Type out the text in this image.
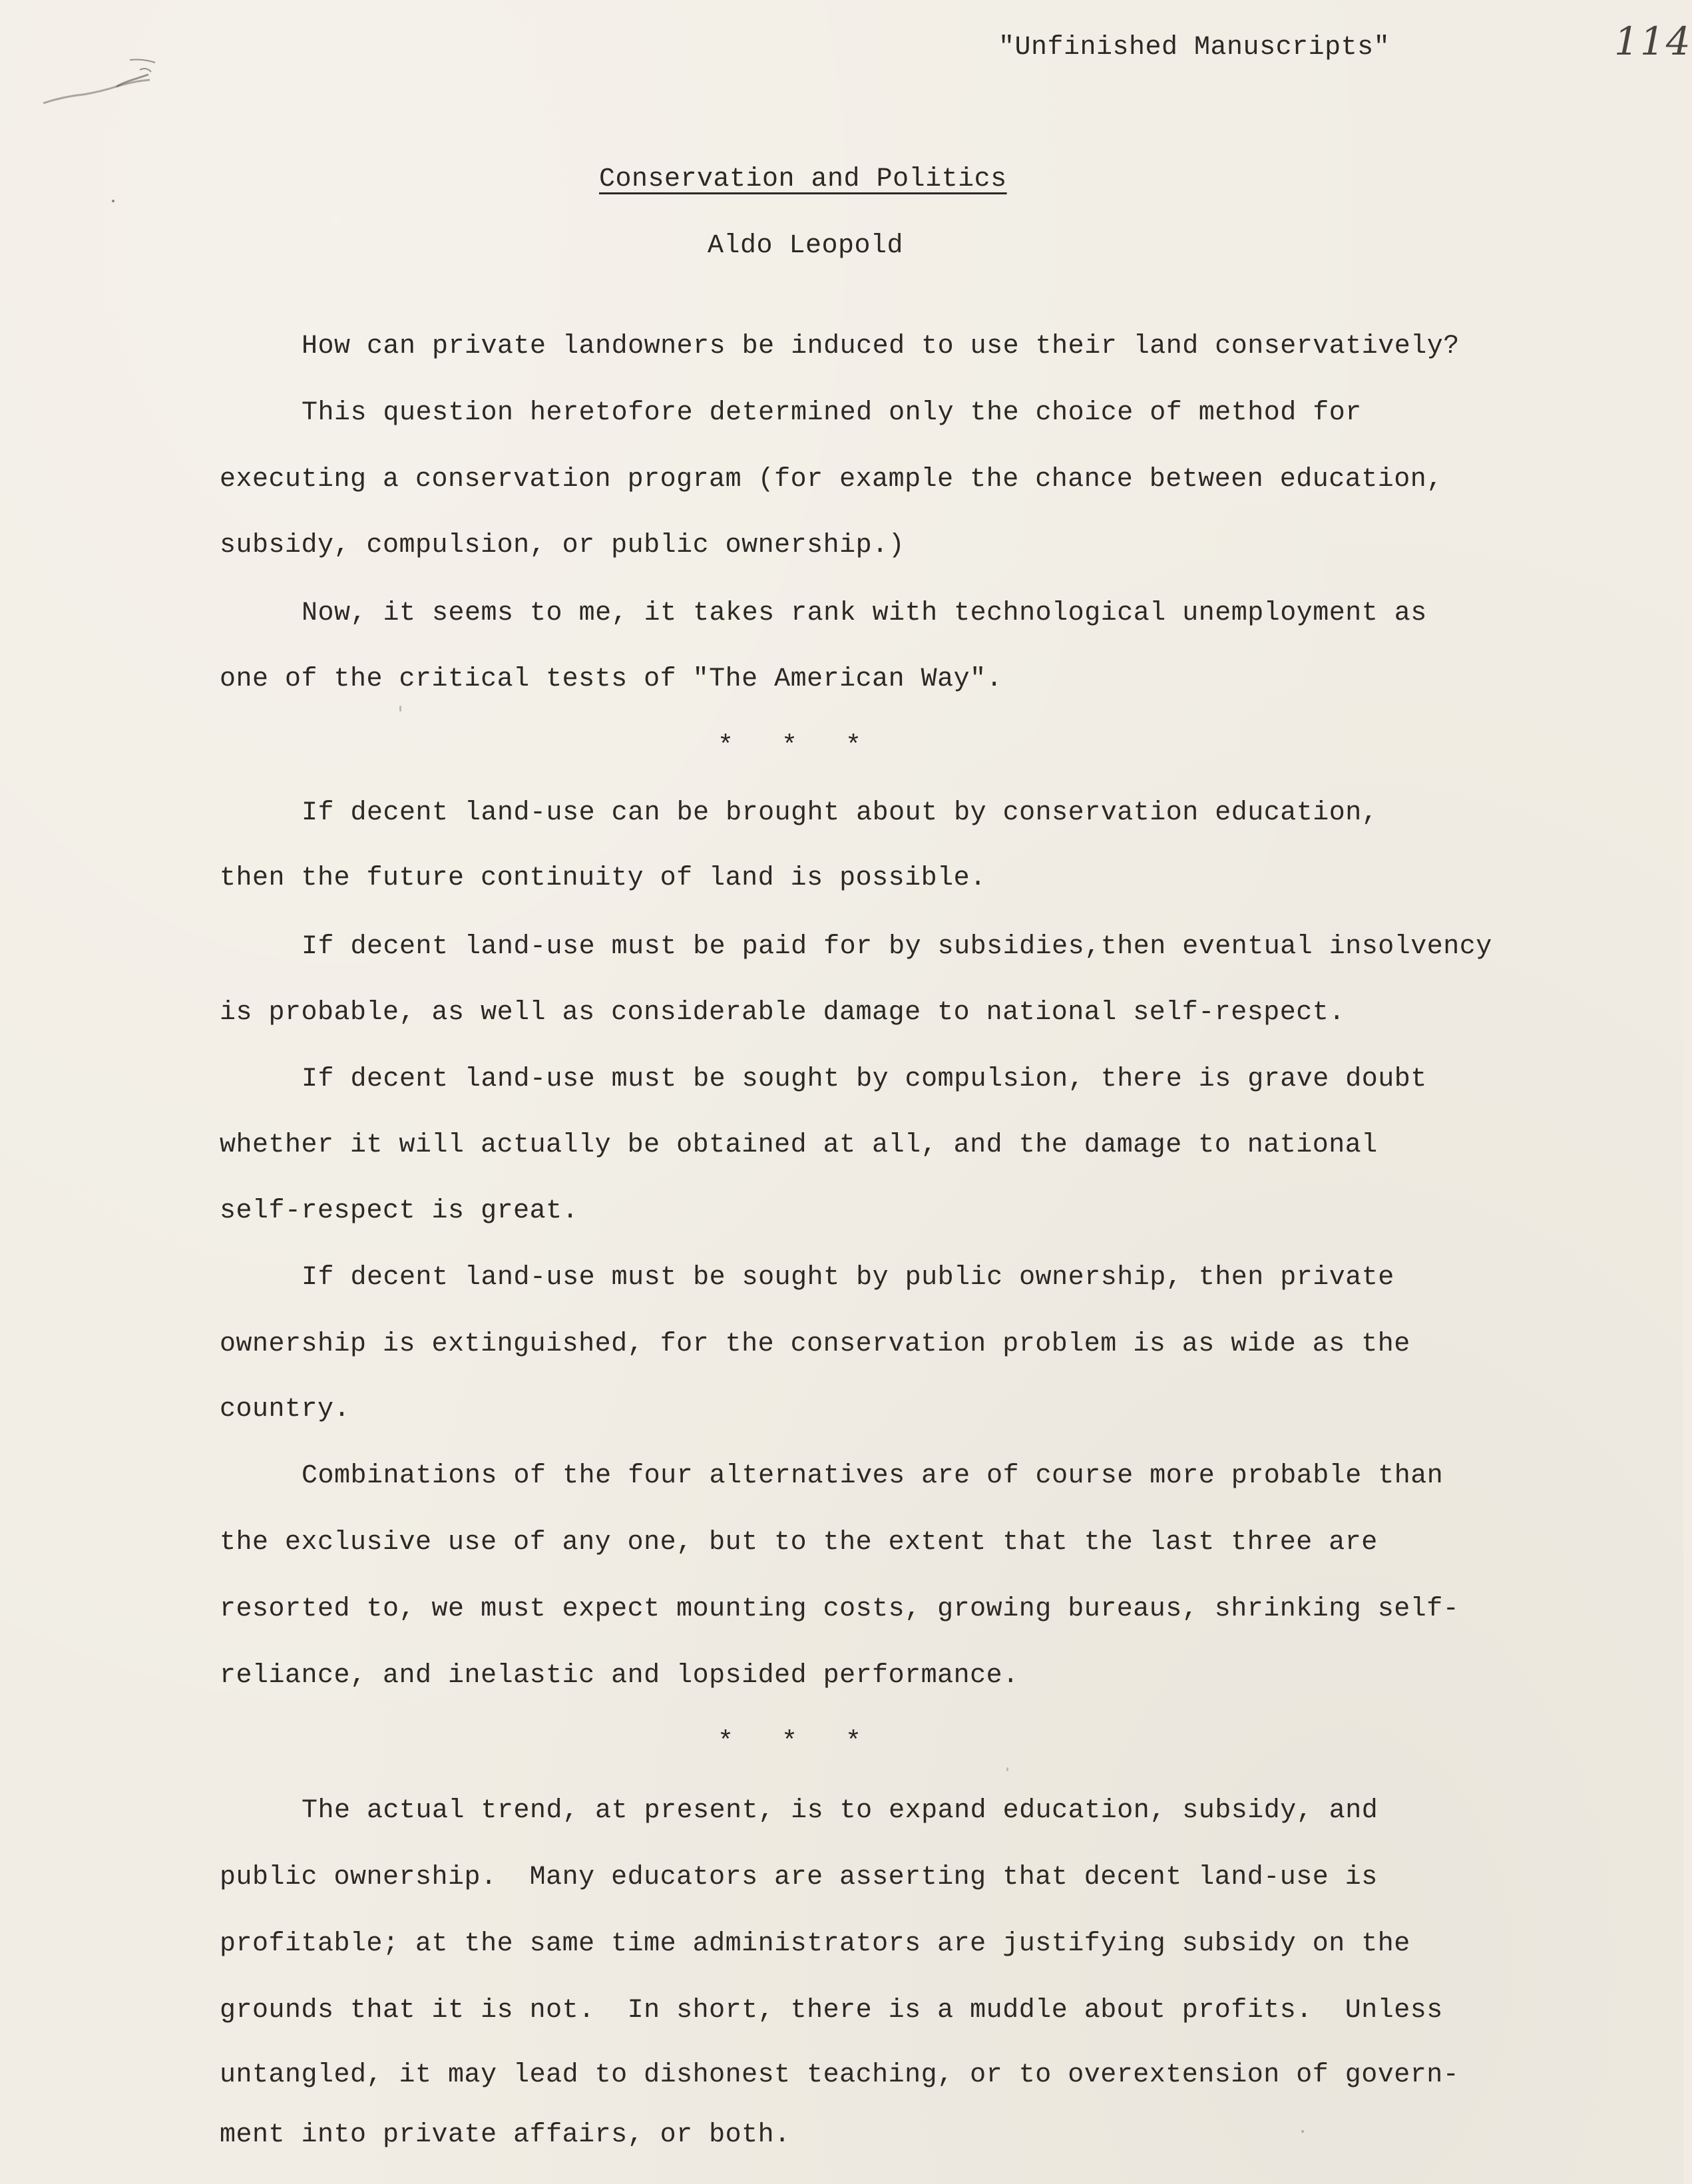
"Unfinished Manuscripts"	114
Conservation and Politics
Aldo Leopold
How can private landowners be induced to use their land conservatively?
This question heretofore determined only the choice of method for
executing a conservation program (for example the chance between education,
subsidy, compulsion, or public ownership.)
Now, it seems to me, it takes rank with technological unemployment as
one of the critical tests of "The American Way".
*   *   *
If decent land-use can be brought about by conservation education,
then the future continuity of land is possible.
If decent land-use must be paid for by subsidies,then eventual insolvency
is probable, as well as considerable damage to national self-respect.
If decent land-use must be sought by compulsion, there is grave doubt
whether it will actually be obtained at all, and the damage to national
self-respect is great.
If decent land-use must be sought by public ownership, then private
ownership is extinguished, for the conservation problem is as wide as the
country.
Combinations of the four alternatives are of course more probable than
the exclusive use of any one, but to the extent that the last three are
resorted to, we must expect mounting costs, growing bureaus, shrinking self-
reliance, and inelastic and lopsided performance.
*   *   *
The actual trend, at present, is to expand education, subsidy, and
public ownership.  Many educators are asserting that decent land-use is
profitable; at the same time administrators are justifying subsidy on the
grounds that it is not.  In short, there is a muddle about profits.  Unless
untangled, it may lead to dishonest teaching, or to overextension of govern-
ment into private affairs, or both.
